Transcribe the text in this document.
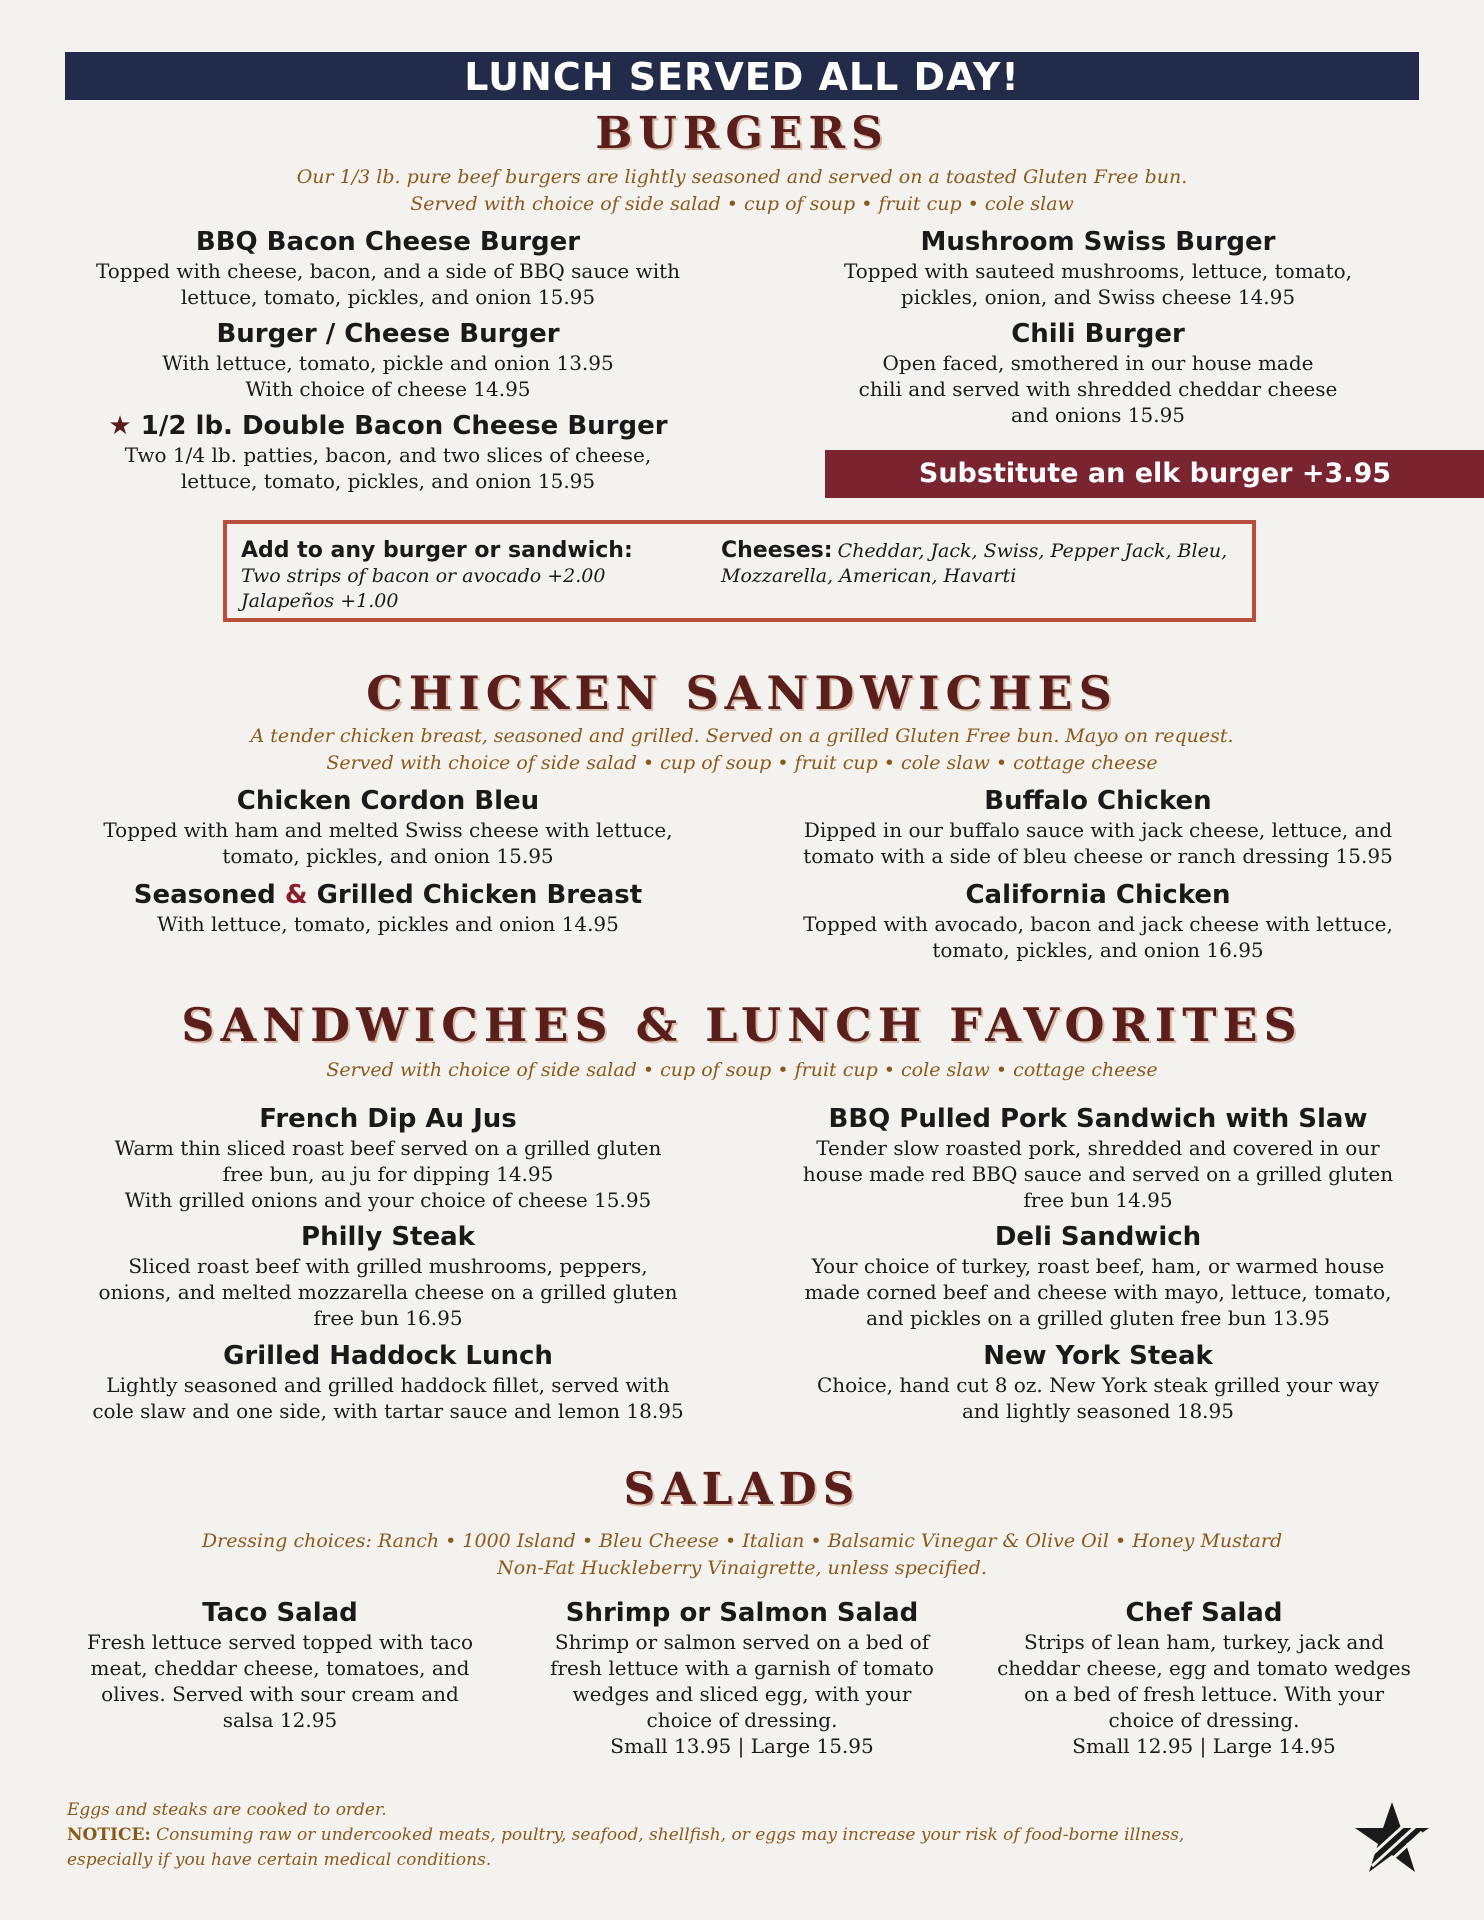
LUNCH SERVED ALL DAY!
BURGERS
Our 1/3 lb. pure beef burgers are lightly seasoned and served on a toasted Gluten Free bun.
Served with choice of side salad • cup of soup • fruit cup • cole slaw
BBQ Bacon Cheese Burger
Topped with cheese, bacon, and a side of BBQ sauce with
lettuce, tomato, pickles, and onion 15.95
Burger / Cheese Burger
With lettuce, tomato, pickle and onion 13.95
With choice of cheese 14.95
★ 1/2 lb. Double Bacon Cheese Burger
Two 1/4 lb. patties, bacon, and two slices of cheese,
lettuce, tomato, pickles, and onion 15.95
Mushroom Swiss Burger
Topped with sauteed mushrooms, lettuce, tomato,
pickles, onion, and Swiss cheese 14.95
Chili Burger
Open faced, smothered in our house made
chili and served with shredded cheddar cheese
and onions 15.95
Substitute an elk burger +3.95
Add to any burger or sandwich:
Two strips of bacon or avocado +2.00
Jalapeños +1.00
Cheeses: Cheddar, Jack, Swiss, Pepper Jack, Bleu,
Mozzarella, American, Havarti
CHICKEN SANDWICHES
A tender chicken breast, seasoned and grilled. Served on a grilled Gluten Free bun. Mayo on request.
Served with choice of side salad • cup of soup • fruit cup • cole slaw • cottage cheese
Chicken Cordon Bleu
Topped with ham and melted Swiss cheese with lettuce,
tomato, pickles, and onion 15.95
Seasoned & Grilled Chicken Breast
With lettuce, tomato, pickles and onion 14.95
Buffalo Chicken
Dipped in our buffalo sauce with jack cheese, lettuce, and
tomato with a side of bleu cheese or ranch dressing 15.95
California Chicken
Topped with avocado, bacon and jack cheese with lettuce,
tomato, pickles, and onion 16.95
SANDWICHES & LUNCH FAVORITES
Served with choice of side salad • cup of soup • fruit cup • cole slaw • cottage cheese
French Dip Au Jus
Warm thin sliced roast beef served on a grilled gluten
free bun, au ju for dipping 14.95
With grilled onions and your choice of cheese 15.95
Philly Steak
Sliced roast beef with grilled mushrooms, peppers,
onions, and melted mozzarella cheese on a grilled gluten
free bun 16.95
Grilled Haddock Lunch
Lightly seasoned and grilled haddock fillet, served with
cole slaw and one side, with tartar sauce and lemon 18.95
BBQ Pulled Pork Sandwich with Slaw
Tender slow roasted pork, shredded and covered in our
house made red BBQ sauce and served on a grilled gluten
free bun 14.95
Deli Sandwich
Your choice of turkey, roast beef, ham, or warmed house
made corned beef and cheese with mayo, lettuce, tomato,
and pickles on a grilled gluten free bun 13.95
New York Steak
Choice, hand cut 8 oz. New York steak grilled your way
and lightly seasoned 18.95
SALADS
Dressing choices: Ranch • 1000 Island • Bleu Cheese • Italian • Balsamic Vinegar & Olive Oil • Honey Mustard
Non-Fat Huckleberry Vinaigrette, unless specified.
Taco Salad
Fresh lettuce served topped with taco
meat, cheddar cheese, tomatoes, and
olives. Served with sour cream and
salsa 12.95
Shrimp or Salmon Salad
Shrimp or salmon served on a bed of
fresh lettuce with a garnish of tomato
wedges and sliced egg, with your
choice of dressing.
Small 13.95 | Large 15.95
Chef Salad
Strips of lean ham, turkey, jack and
cheddar cheese, egg and tomato wedges
on a bed of fresh lettuce. With your
choice of dressing.
Small 12.95 | Large 14.95
Eggs and steaks are cooked to order.
NOTICE: Consuming raw or undercooked meats, poultry, seafood, shellfish, or eggs may increase your risk of food-borne illness,
especially if you have certain medical conditions.
